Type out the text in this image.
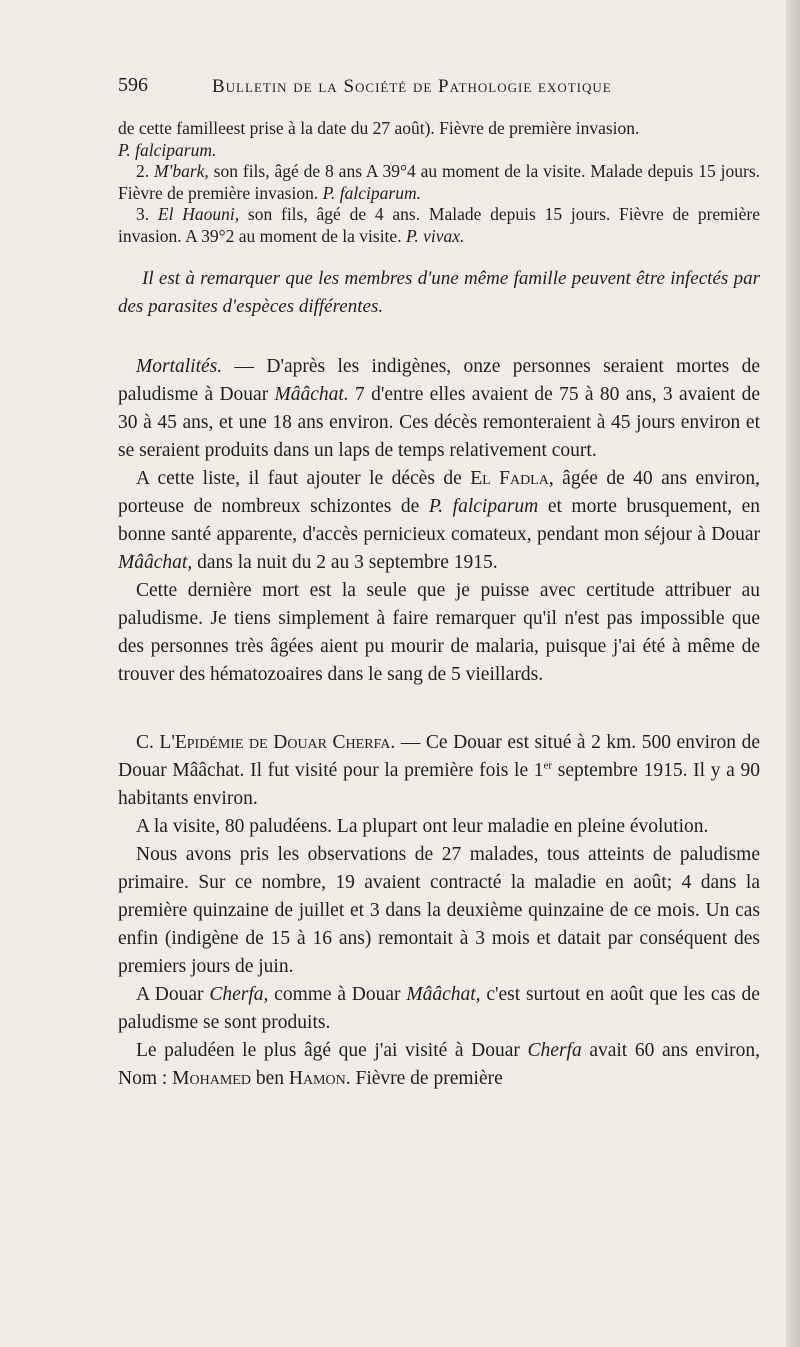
596	Bulletin de la Société de Pathologie exotique

de cette familleest prise à la date du 27 août). Fièvre de première invasion.
P. falciparum.

2. M'bark, son fils, âgé de 8 ans A 39°4 au moment de la visite. Malade depuis 15 jours. Fièvre de première invasion. P. falciparum.

3. El Haouni, son fils, âgé de 4 ans. Malade depuis 15 jours. Fièvre de première invasion. A 39°2 au moment de la visite. P. vivax.

Il est à remarquer que les membres d'une même famille peuvent être infectés par des parasites d'espèces différentes.

Mortalités. — D'après les indigènes, onze personnes seraient mortes de paludisme à Douar Mââchat. 7 d'entre elles avaient de 75 à 80 ans, 3 avaient de 30 à 45 ans, et une 18 ans environ. Ces décès remonteraient à 45 jours environ et se seraient produits dans un laps de temps relativement court.

A cette liste, il faut ajouter le décès de El Fadla, âgée de 40 ans environ, porteuse de nombreux schizontes de P. falciparum et morte brusquement, en bonne santé apparente, d'accès pernicieux comateux, pendant mon séjour à Douar Mââchat, dans la nuit du 2 au 3 septembre 1915.

Cette dernière mort est la seule que je puisse avec certitude attribuer au paludisme. Je tiens simplement à faire remarquer qu'il n'est pas impossible que des personnes très âgées aient pu mourir de malaria, puisque j'ai été à même de trouver des hématozoaires dans le sang de 5 vieillards.

C. L'Epidémie de Douar Cherfa. — Ce Douar est situé à 2 km. 500 environ de Douar Mââchat. Il fut visité pour la première fois le 1er septembre 1915. Il y a 90 habitants environ.

A la visite, 80 paludéens. La plupart ont leur maladie en pleine évolution.

Nous avons pris les observations de 27 malades, tous atteints de paludisme primaire. Sur ce nombre, 19 avaient contracté la maladie en août; 4 dans la première quinzaine de juillet et 3 dans la deuxième quinzaine de ce mois. Un cas enfin (indigène de 15 à 16 ans) remontait à 3 mois et datait par conséquent des premiers jours de juin.

A Douar Cherfa, comme à Douar Mââchat, c'est surtout en août que les cas de paludisme se sont produits.

Le paludéen le plus âgé que j'ai visité à Douar Cherfa avait 60 ans environ, Nom : Mohamed ben Hamon. Fièvre de première
